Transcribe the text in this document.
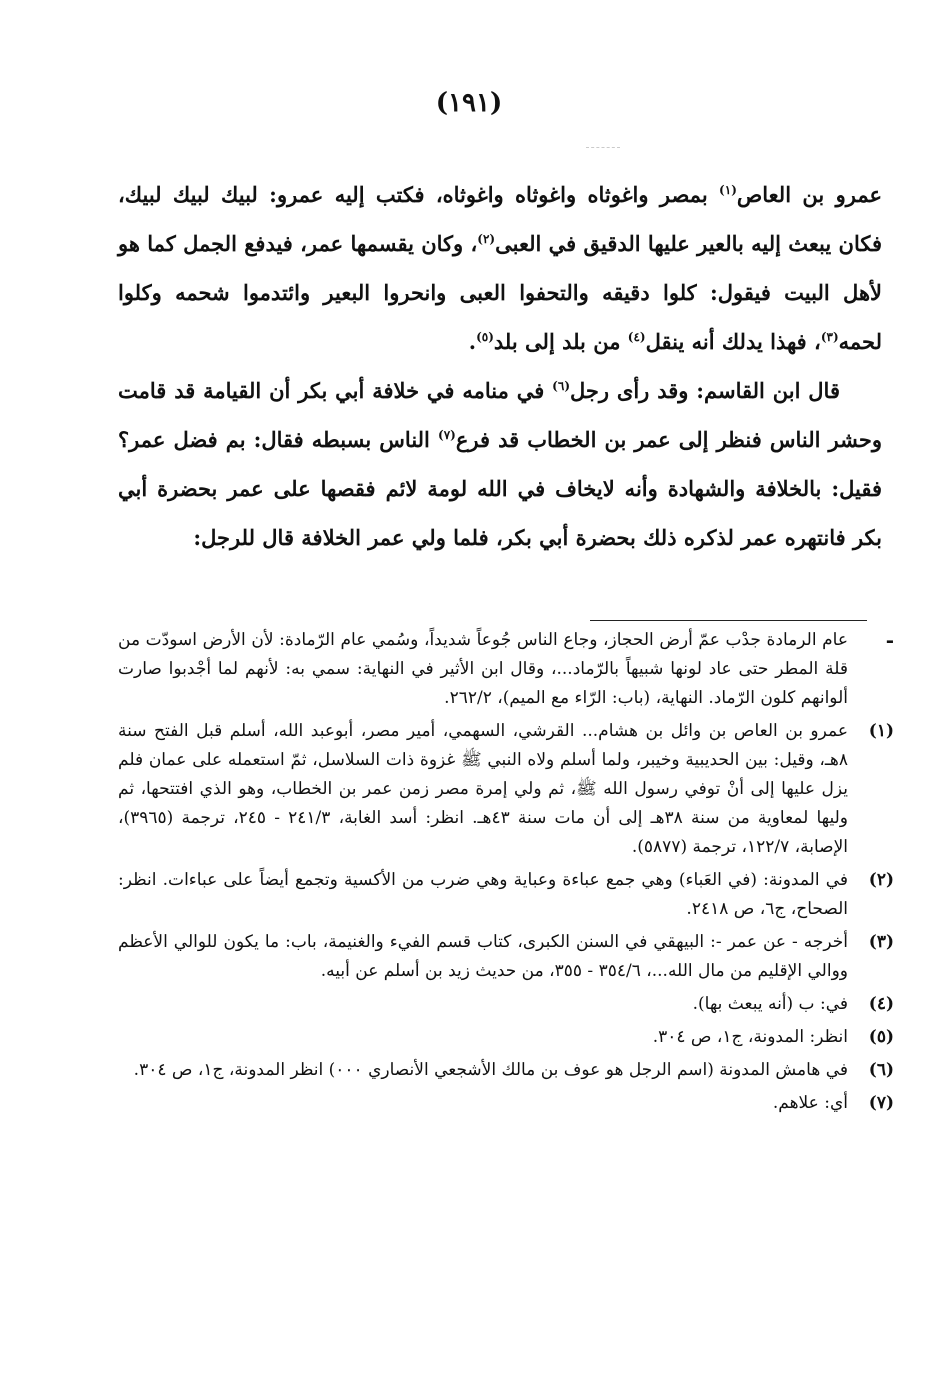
(١٩١)

عمرو بن العاص$^{(١)}$ بمصر واغوثاه واغوثاه واغوثاه، فكتب إليه عمرو: لبيك لبيك لبيك، فكان يبعث إليه بالعير عليها الدقيق في العبى$^{(٢)}$، وكان يقسمها عمر، فيدفع الجمل كما هو لأهل البيت فيقول: كلوا دقيقه والتحفوا العبى وانحروا البعير وائتدموا شحمه وكلوا لحمه$^{(٣)}$، فهذا يدلك أنه ينقل$^{(٤)}$ من بلد إلى بلد$^{(٥)}$.

قال ابن القاسم: وقد رأى رجل$^{(٦)}$ في منامه في خلافة أبي بكر أن القيامة قد قامت وحشر الناس فنظر إلى عمر بن الخطاب قد فرع$^{(٧)}$ الناس بسبطه فقال: بم فضل عمر؟ فقيل: بالخلافة والشهادة وأنه لايخاف في الله لومة لائم فقصها على عمر بحضرة أبي بكر فانتهره عمر لذكره ذلك بحضرة أبي بكر، فلما ولي عمر الخلافة قال للرجل:

-
عام الرمادة جدْب عمّ أرض الحجاز، وجاع الناس جُوعاً شديداً، وسُمي عام الرّمادة: لأن الأرض اسودّت من قلة المطر حتى عاد لونها شبيهاً بالرّماد...، وقال ابن الأثير في النهاية: سمي به: لأنهم لما أجْدبوا صارت ألوانهم كلون الرّماد. النهاية، (باب: الرّاء مع الميم)، ٢٦٢/٢.
(١)
عمرو بن العاص بن وائل بن هشام... القرشي، السهمي، أمير مصر، أبوعبد الله، أسلم قبل الفتح سنة ٨هـ، وقيل: بين الحديبية وخيبر، ولما أسلم ولاه النبي ﷺ غزوة ذات السلاسل، ثمّ استعمله على عمان فلم يزل عليها إلى أنْ توفي رسول الله ﷺ، ثم ولي إمرة مصر زمن عمر بن الخطاب، وهو الذي افتتحها، ثم وليها لمعاوية من سنة ٣٨هـ إلى أن مات سنة ٤٣هـ. انظر: أسد الغابة، ٢٤١/٣ - ٢٤٥، ترجمة (٣٩٦٥)، الإصابة، ١٢٢/٧، ترجمة (٥٨٧٧).
(٢)
في المدونة: (في العَباء) وهي جمع عباءة وعباية وهي ضرب من الأكسية وتجمع أيضاً على عباءات. انظر: الصحاح، ج٦، ص ٢٤١٨.
(٣)
أخرجه - عن عمر -: البيهقي في السنن الكبرى، كتاب قسم الفيء والغنيمة، باب: ما يكون للوالي الأعظم ووالي الإقليم من مال الله...، ٣٥٤/٦ - ٣٥٥، من حديث زيد بن أسلم عن أبيه.
(٤)
في: ب (أنه يبعث بها).
(٥)
انظر: المدونة، ج١، ص ٣٠٤.
(٦)
في هامش المدونة (اسم الرجل هو عوف بن مالك الأشجعي الأنصاري ٠٠٠) انظر المدونة، ج١، ص ٣٠٤.
(٧)
أي: علاهم.
